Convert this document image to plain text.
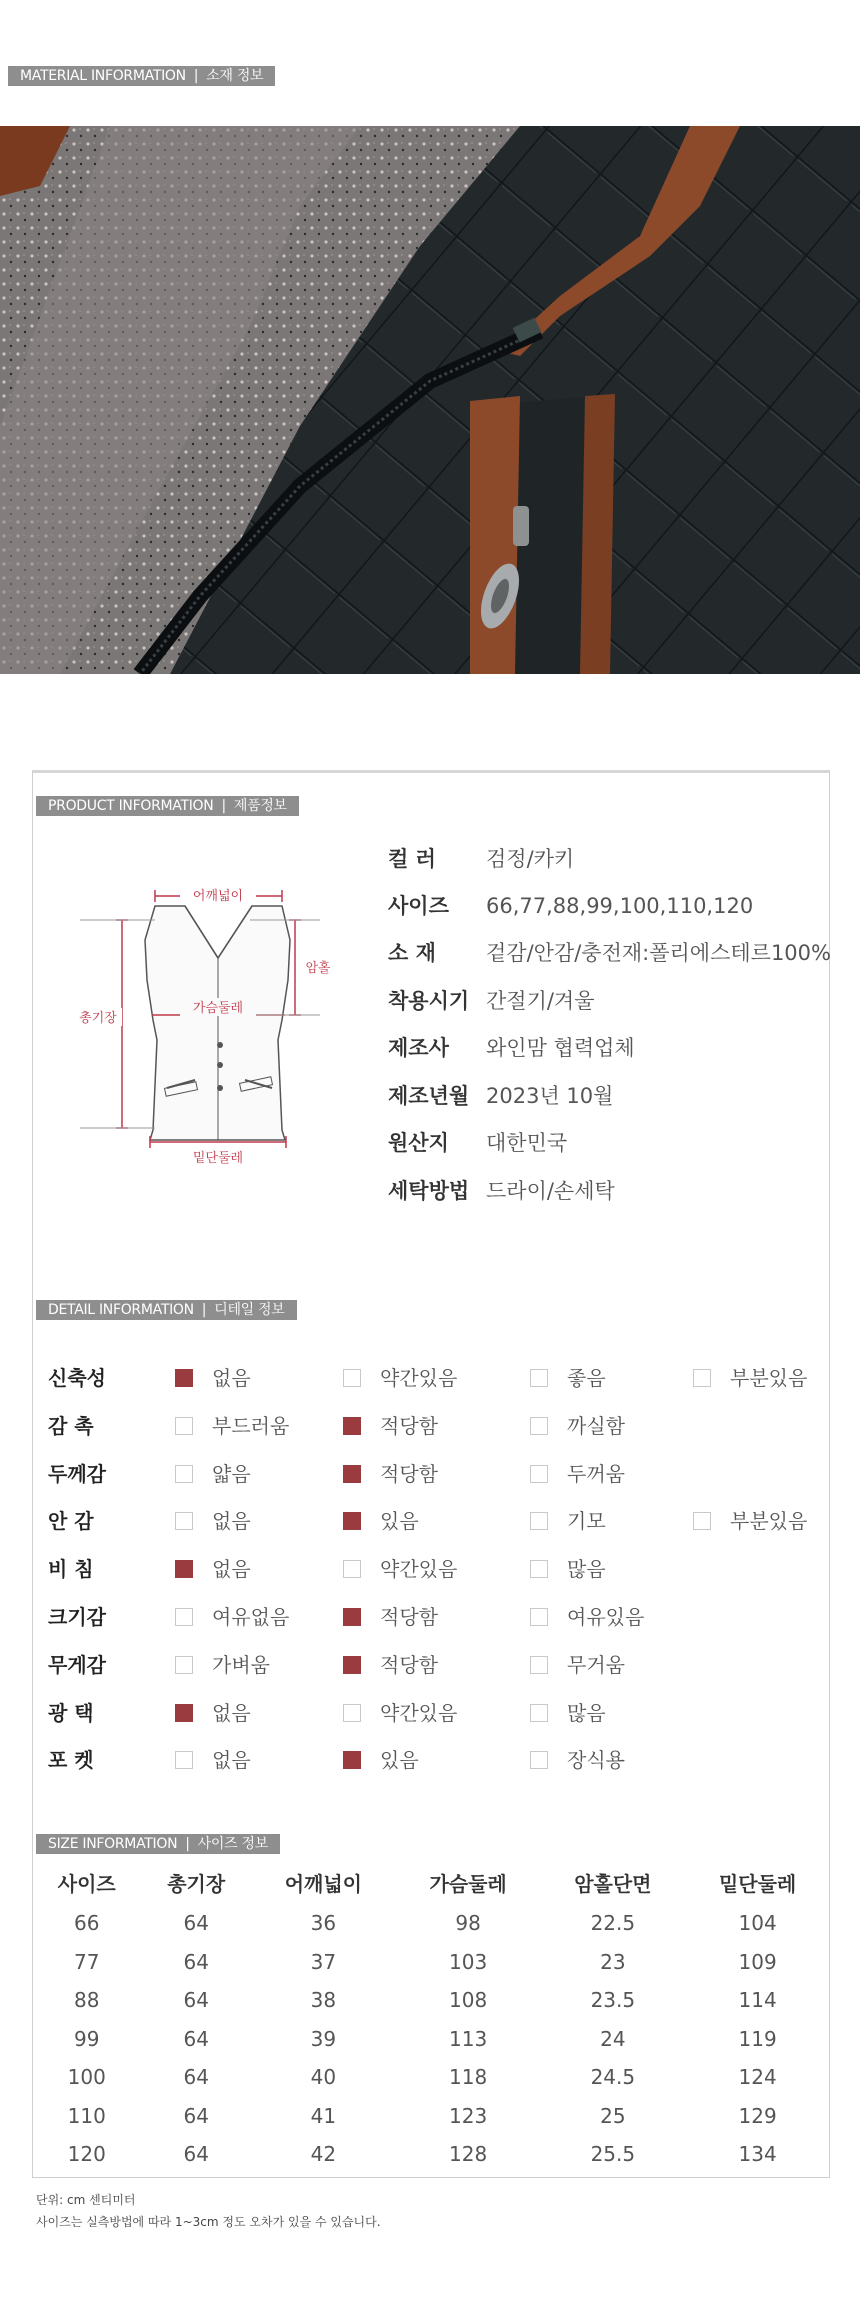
MATERIAL INFORMATION | 소재 정보
PRODUCT INFORMATION | 제품정보
어깨넓이
암홀
총기장
가슴둘레
밑단둘레
컬 러 검정/카키
사이즈 66,77,88,99,100,110,120
소 재 겉감/안감/충전재:폴리에스테르100%
착용시기 간절기/겨울
제조사 와인맘 협력업체
제조년월 2023년 10월
원산지 대한민국
세탁방법 드라이/손세탁
DETAIL INFORMATION | 디테일 정보
신축성	없음	약간있음	좋음	부분있음
감 촉	부드러움	적당함	까실함
두께감	얇음	적당함	두꺼움
안 감	없음	있음	기모	부분있음
비 침	없음	약간있음	많음
크기감	여유없음	적당함	여유있음
무게감	가벼움	적당함	무거움
광 택	없음	약간있음	많음
포 켓	없음	있음	장식용
SIZE INFORMATION | 사이즈 정보
사이즈	총기장	어깨넓이	가슴둘레	암홀단면	밑단둘레
66	64	36	98	22.5	104
77	64	37	103	23	109
88	64	38	108	23.5	114
99	64	39	113	24	119
100	64	40	118	24.5	124
110	64	41	123	25	129
120	64	42	128	25.5	134
단위: cm 센티미터
사이즈는 실측방법에 따라 1~3cm 정도 오차가 있을 수 있습니다.
